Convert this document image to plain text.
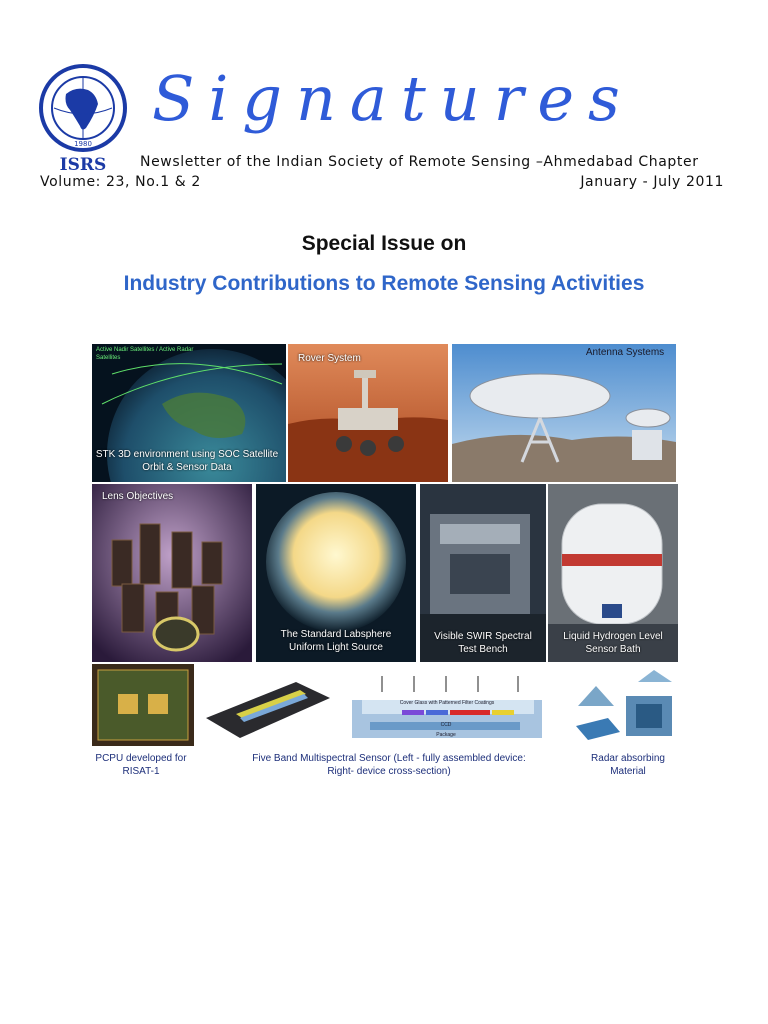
1980
ISRS
Signatures
Newsletter of the Indian Society of Remote Sensing –Ahmedabad Chapter
Volume: 23, No.1 & 2	January - July 2011
Special Issue on
Industry Contributions to Remote Sensing Activities
Active Nadir Satellites / Active Radar Satellites
STK 3D environment using SOC Satellite Orbit & Sensor Data
Rover System
Antenna Systems
Lens Objectives
The Standard Labsphere Uniform Light Source
Visible SWIR Spectral Test Bench
Liquid Hydrogen Level Sensor Bath
PCPU developed for RISAT-1
Cover Glass with Patterned Filter Coatings
CCD
Package
Five Band Multispectral Sensor (Left - fully assembled device: Right- device cross-section)
Radar absorbing Material
